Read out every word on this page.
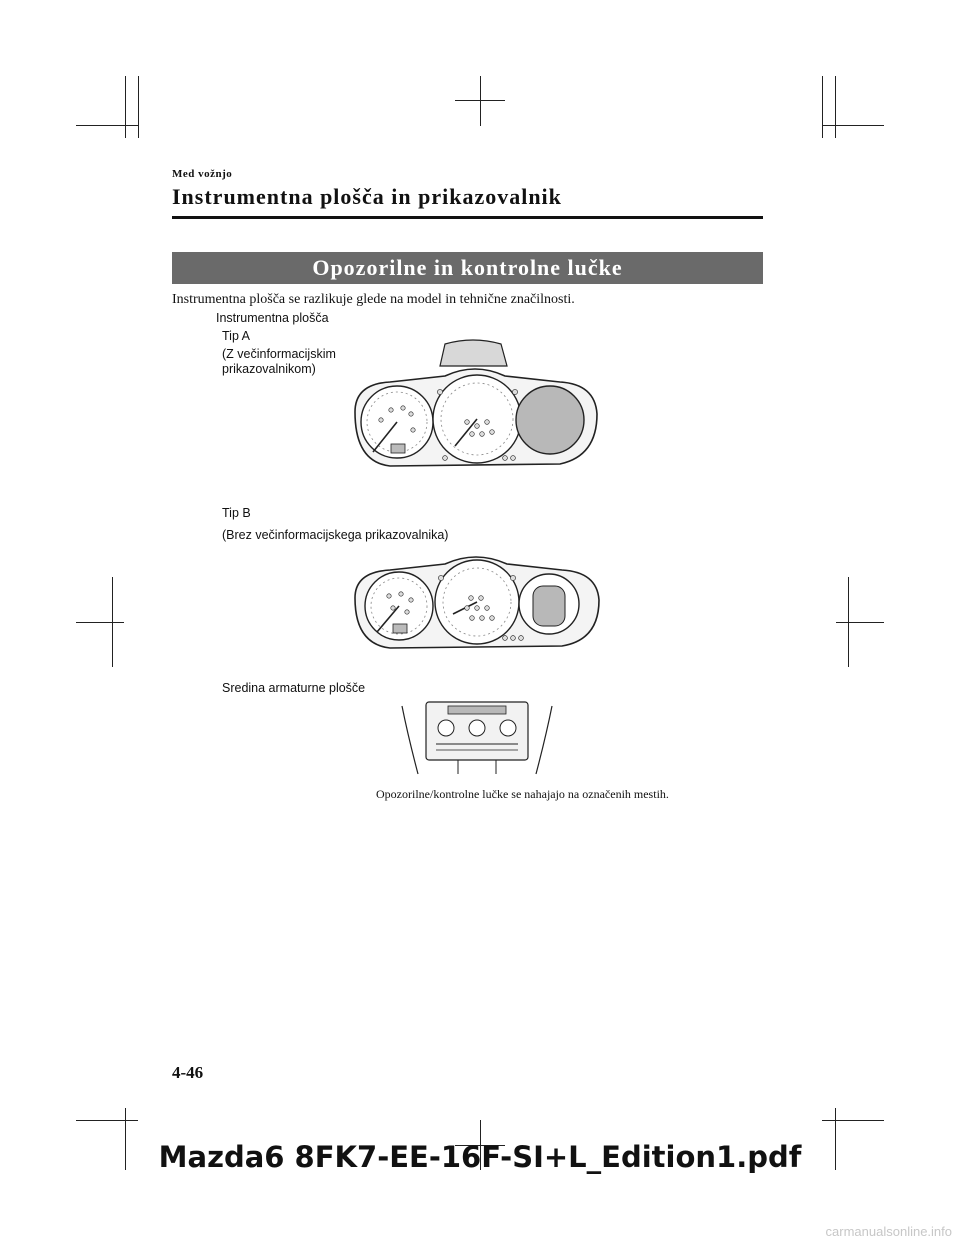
Med vožnjo
Instrumentna plošča in prikazovalnik
Opozorilne in kontrolne lučke
Instrumentna plošča se razlikuje glede na model in tehnične značilnosti.
Instrumentna plošča
Tip A
(Z večinformacijskim
prikazovalnikom)
Tip B
(Brez večinformacijskega prikazovalnika)
Sredina armaturne plošče
Opozorilne/kontrolne lučke se nahajajo na označenih mestih.
4-46
Mazda6 8FK7-EE-16F-SI+L_Edition1.pdf
carmanualsonline.info
